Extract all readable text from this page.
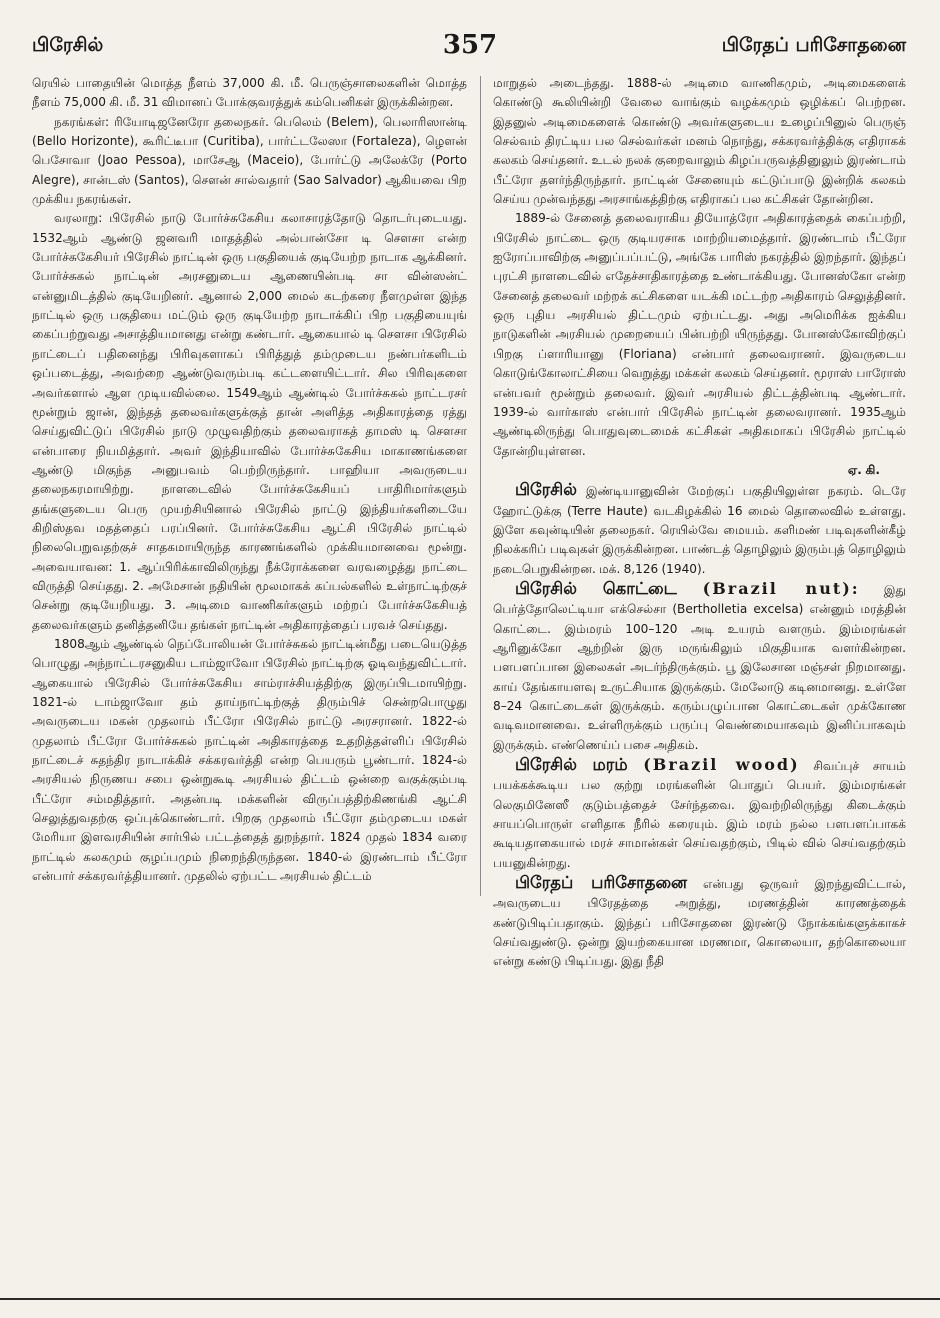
பிரேசில்	357	பிரேதப் பரிசோதனை

ரெயில் பாதையின் மொத்த நீளம் 37,000 கி. மீ. பெருஞ்சாலைகளின் மொத்த நீளம் 75,000 கி. மீ. 31 விமானப் போக்குவரத்துக் கம்பெனிகள் இருக்கின்றன.

நகரங்கள்: ரியோடிஜனேரோ தலைநகர். பெலெம் (Belem), பெலாரிஸான்டி (Bello Horizonte), கூரிட்டீபா (Curitiba), பார்ட்டலேஸா (Fortaleza), ழௌன் பெசோவா (Joao Pessoa), மாசேஆ (Maceio), போர்ட்டு அலேக்ரே (Porto Alegre), சான்டஸ் (Santos), சௌன் சால்வதார் (Sao Salvador) ஆகியவை பிற முக்கிய நகரங்கள்.

வரலாறு: பிரேசில் நாடு போர்ச்சுகேசிய கலாசாரத்தோடு தொடர்புடையது. 1532ஆம் ஆண்டு ஜனவரி மாதத்தில் அல்பான்சோ டி சௌசா என்ற போர்ச்சுகேசியர் பிரேசில் நாட்டின் ஒரு பகுதியைக் குடியேற்ற நாடாக ஆக்கினர். போர்ச்சுகல் நாட்டின் அரசனுடைய ஆணையின்படி சா வின்ஸன்ட் என்னுமிடத்தில் குடியேறினர். ஆனால் 2,000 மைல் கடற்கரை நீளமுள்ள இந்த நாட்டில் ஒரு பகுதியை மட்டும் ஒரு குடியேற்ற நாடாக்கிப் பிற பகுதியையுங் கைப்பற்றுவது அசாத்தியமானது என்று கண்டார். ஆகையால் டி சௌசா பிரேசில் நாட்டைப் பதினைந்து பிரிவுகளாகப் பிரித்துத் தம்முடைய நண்பர்களிடம் ஒப்படைத்து, அவற்றை ஆண்டுவரும்படி கட்டளையிட்டார். சில பிரிவுகளை அவர்களால் ஆள முடியவில்லை. 1549ஆம் ஆண்டில் போர்ச்சுகல் நாட்டரசர் மூன்றும் ஜான், இந்தத் தலைவர்களுக்குத் தான் அளித்த அதிகாரத்தை ரத்து செய்துவிட்டுப் பிரேசில் நாடு முழுவதிற்கும் தலைவராகத் தாமஸ் டி சௌசா என்பாரை நியமித்தார். அவர் இந்தியாவில் போர்ச்சுகேசிய மாகாணங்களை ஆண்டு மிகுந்த அனுபவம் பெற்றிருந்தார். பாஹியா அவருடைய தலைநகரமாயிற்று. நாளடைவில் போர்ச்சுகேசியப் பாதிரிமார்களும் தங்களுடைய பெரு முயற்சியினால் பிரேசில் நாட்டு இந்தியர்களிடையே கிறிஸ்தவ மதத்தைப் பரப்பினர். போர்ச்சுகேசிய ஆட்சி பிரேசில் நாட்டில் நிலைபெறுவதற்குச் சாதகமாயிருந்த காரணங்களில் முக்கியமானவை மூன்று. அவையாவன: 1. ஆப்பிரிக்காவிலிருந்து நீக்ரோக்களை வரவழைத்து நாட்டை விருத்தி செய்தது. 2. அமேசான் நதியின் மூலமாகக் கப்பல்களில் உள்நாட்டிற்குச் சென்று குடியேறியது. 3. அடிமை வாணிகர்களும் மற்றப் போர்ச்சுகேசியத் தலைவர்களும் தனித்தனியே தங்கள் நாட்டின் அதிகாரத்தைப் பரவச் செய்தது.

1808ஆம் ஆண்டில் நெப்போலியன் போர்ச்சுகல் நாட்டின்மீது படையெடுத்த பொழுது அந்நாட்டரசனுகிய டாம்ஜாவோ பிரேசில் நாட்டிற்கு ஓடிவந்துவிட்டார். ஆகையால் பிரேசில் போர்ச்சுகேசிய சாம்ராச்சியத்திற்கு இருப்பிடமாயிற்று. 1821-ல் டாம்ஜாவோ தம் தாய்நாட்டிற்குத் திரும்பிச் சென்றபொழுது அவருடைய மகன் முதலாம் பீட்ரோ பிரேசில் நாட்டு அரசரானர். 1822-ல் முதலாம் பீட்ரோ போர்ச்சுகல் நாட்டின் அதிகாரத்தை உதறித்தள்ளிப் பிரேசில் நாட்டைச் சுதந்திர நாடாக்கிச் சக்கரவர்த்தி என்ற பெயரும் பூண்டார். 1824-ல் அரசியல் நிருணய சபை ஒன்றுகூடி அரசியல் திட்டம் ஒன்றை வகுக்கும்படி பீட்ரோ சம்மதித்தார். அதன்படி மக்களின் விருப்பத்திற்கிணங்கி ஆட்சி செலுத்துவதற்கு ஒப்புக்கொண்டார். பிறகு முதலாம் பீட்ரோ தம்முடைய மகள் மேரியா இளவரசியின் சார்பில் பட்டத்தைத் துறந்தார். 1824 முதல் 1834 வரை நாட்டில் கலகமும் குழப்பமும் நிறைந்திருந்தன. 1840-ல் இரண்டாம் பீட்ரோ என்பார் சக்கரவர்த்தியானர். முதலில் ஏற்பட்ட அரசியல் திட்டம்

மாறுதல் அடைந்தது. 1888-ல் அடிமை வாணிகமும், அடிமைகளைக் கொண்டு கூலியின்றி வேலை வாங்கும் வழக்கமும் ஒழிக்கப் பெற்றன. இதனுல் அடிமைகளைக் கொண்டு அவர்களுடைய உழைப்பினுல் பெருஞ் செல்வம் திரட்டிய பல செல்வர்கள் மனம் நொந்து, சக்கரவர்த்திக்கு எதிராகக் கலகம் செய்தனர். உடல் நலக் குறைவாலும் கிழப்பருவத்தினுலும் இரண்டாம் பீட்ரோ தளர்ந்திருந்தார். நாட்டின் சேனையும் கட்டுப்பாடு இன்றிக் கலகம் செய்ய முன்வந்தது அரசாங்கத்திற்கு எதிராகப் பல கட்சிகள் தோன்றின.

1889-ல் சேனைத் தலைவராகிய தியோத்ரோ அதிகாரத்தைக் கைப்பற்றி, பிரேசில் நாட்டை ஒரு குடியரசாக மாற்றியமைத்தார். இரண்டாம் பீட்ரோ ஐரோப்பாவிற்கு அனுப்பப்பட்டு, அங்கே பாரிஸ் நகரத்தில் இறந்தார். இந்தப் புரட்சி நாளடைவில் எதேச்சாதிகாரத்தை உண்டாக்கியது. போனஸ்கோ என்ற சேனைத் தலைவர் மற்றக் கட்சிகளை யடக்கி மட்டற்ற அதிகாரம் செலுத்தினர். ஒரு புதிய அரசியல் திட்டமும் ஏற்பட்டது. அது அமெரிக்க ஐக்கிய நாடுகளின் அரசியல் முறையைப் பின்பற்றி யிருந்தது. போனஸ்கோவிற்குப் பிறகு ப்ளாரியானு (Floriana) என்பார் தலைவரானர். இவருடைய கொடுங்கோலாட்சியை வெறுத்து மக்கள் கலகம் செய்தனர். மூராஸ் பாரோஸ் என்பவர் மூன்றும் தலைவர். இவர் அரசியல் திட்டத்தின்படி ஆண்டார். 1939-ல் வார்காஸ் என்பார் பிரேசில் நாட்டின் தலைவரானர். 1935ஆம் ஆண்டிலிருந்து பொதுவுடைமைக் கட்சிகள் அதிகமாகப் பிரேசில் நாட்டில் தோன்றியுள்ளன.

ஏ. கி.

பிரேசில் இண்டியானுவின் மேற்குப் பகுதியிலுள்ள நகரம். டெரே ஹோட்டுக்கு (Terre Haute) வடகிழக்கில் 16 மைல் தொலைவில் உள்ளது. இளே கவுன்டியின் தலைநகர். ரெயில்வே மையம். களிமண் படிவுகளின்கீழ் நிலக்கரிப் படிவுகள் இருக்கின்றன. பாண்டத் தொழிலும் இரும்புத் தொழிலும் நடைபெறுகின்றன. மக். 8,126 (1940).

பிரேசில் கொட்டை (Brazil nut): இது பெர்த்தோலெட்டியா எக்செல்சா (Bertholletia excelsa) என்னும் மரத்தின் கொட்டை. இம்மரம் 100–120 அடி உயரம் வளரும். இம்மரங்கள் ஆரினுக்கோ ஆற்றின் இரு மருங்கிலும் மிகுதியாக வளர்கின்றன. பளபளப்பான இலைகள் அடர்ந்திருக்கும். பூ இலேசான மஞ்சள் நிறமானது. காய் தேங்காயளவு உருட்சியாக இருக்கும். மேலோடு கடினமானது. உள்ளே 8–24 கொட்டைகள் இருக்கும். கரும்பழுப்பான கொட்டைகள் முக்கோண வடிவமானவை. உள்ளிருக்கும் பருப்பு வெண்மையாகவும் இனிப்பாகவும் இருக்கும். எண்ணெய்ப் பசை அதிகம்.

பிரேசில் மரம் (Brazil wood) சிவப்புச் சாயம் பயக்கக்கூடிய பல குற்று மரங்களின் பொதுப் பெயர். இம்மரங்கள் லெகுமினேஸீ குடும்பத்தைச் சேர்ந்தவை. இவற்றிலிருந்து கிடைக்கும் சாயப்பொருள் எளிதாக நீரில் கரையும். இம் மரம் நல்ல பளபளப்பாகக் கூடியதாகையால் மரச் சாமான்கள் செய்வதற்கும், பிடில் வில் செய்வதற்கும் பயனுகின்றது.

பிரேதப் பரிசோதனை என்பது ஒருவர் இறந்துவிட்டால், அவருடைய பிரேதத்தை அறுத்து, மரணத்தின் காரணத்தைக் கண்டுபிடிப்பதாகும். இந்தப் பரிசோதனை இரண்டு நோக்கங்களுக்காகச் செய்வதுண்டு. ஒன்று இயற்கையான மரணமா, கொலையா, தற்கொலையா என்று கண்டு பிடிப்பது. இது நீதி
